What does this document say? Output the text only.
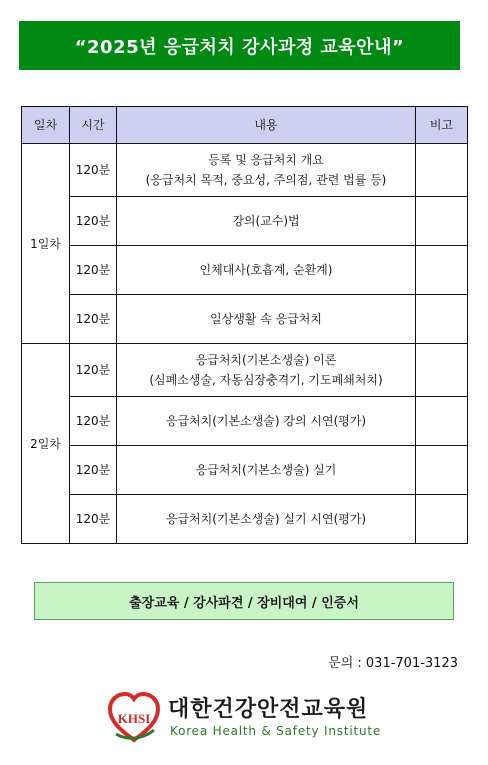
“2025년 응급처치 강사과정 교육안내”
일차	시간	내용	비고
1일차	120분	등록 및 응급처치 개요
(응급처치 목적, 중요성, 주의점, 관련 법률 등)	

	120분	강의(교수)법	
	120분	인체대사(호흡계, 순환계)	
	120분	일상생활 속 응급처치	
2일차	120분	응급처치(기본소생술) 이론
(심폐소생술, 자동심장충격기, 기도폐쇄처치)	

	120분	응급처치(기본소생술) 강의 시연(평가)	
	120분	응급처치(기본소생술) 실기	
	120분	응급처치(기본소생술) 실기 시연(평가)	
출장교육 / 강사파견 / 장비대여 / 인증서
문의 : 031-701-3123
KHSI 대한건강안전교육원
Korea Health & Safety Institute
